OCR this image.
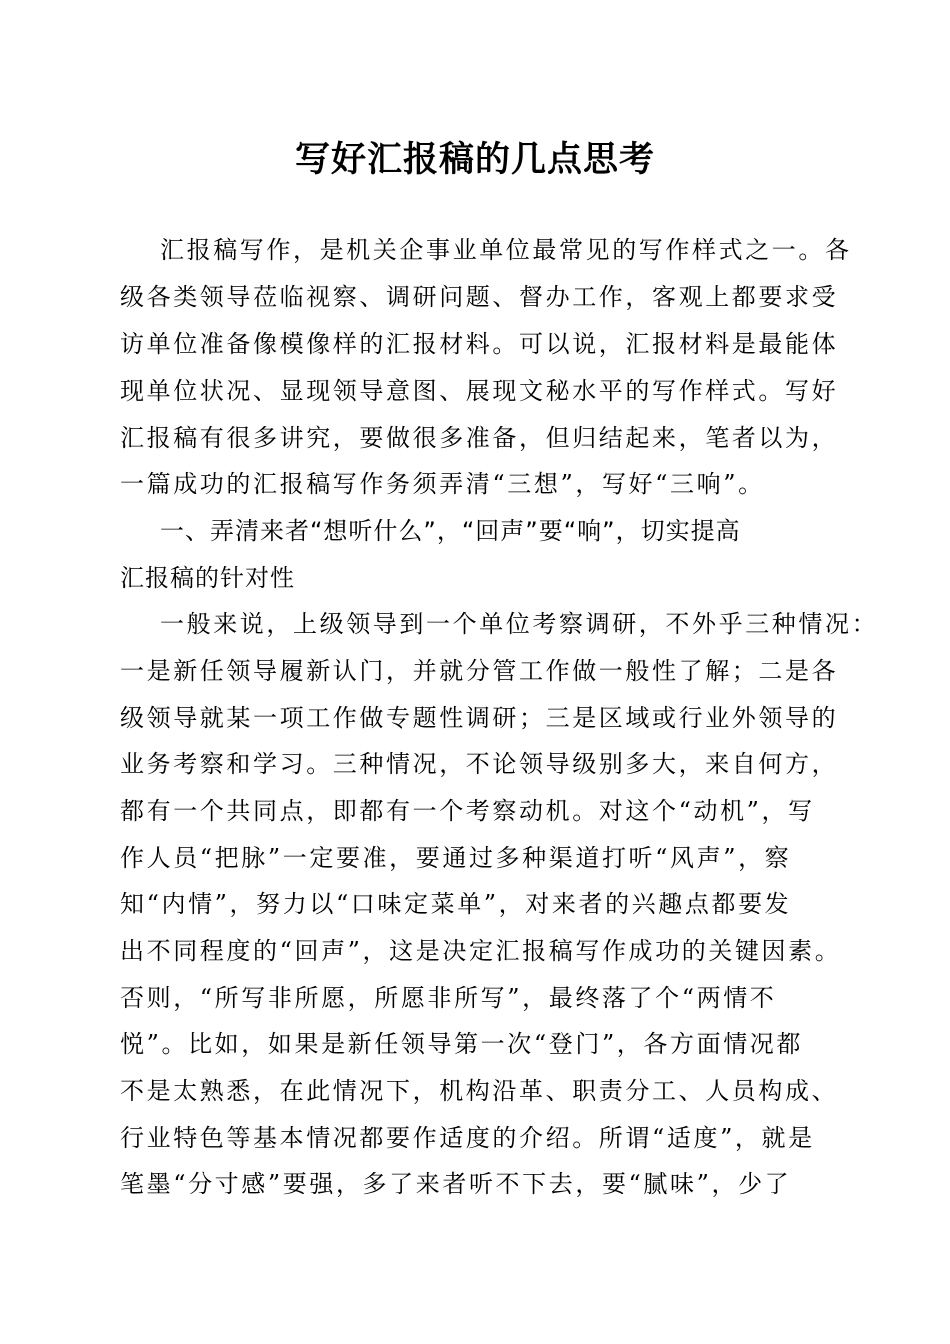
写好汇报稿的几点思考

汇报稿写作，是机关企事业单位最常见的写作样式之一。各

级各类领导莅临视察、调研问题、督办工作，客观上都要求受

访单位准备像模像样的汇报材料。可以说，汇报材料是最能体

现单位状况、显现领导意图、展现文秘水平的写作样式。写好

汇报稿有很多讲究，要做很多准备，但归结起来，笔者以为，

一篇成功的汇报稿写作务须弄清“三想”，写好“三响”。

一、弄清来者“想听什么”，“回声”要“响”，切实提高

汇报稿的针对性

一般来说，上级领导到一个单位考察调研，不外乎三种情况：

一是新任领导履新认门，并就分管工作做一般性了解；二是各

级领导就某一项工作做专题性调研；三是区域或行业外领导的

业务考察和学习。三种情况，不论领导级别多大，来自何方，

都有一个共同点，即都有一个考察动机。对这个“动机”，写

作人员“把脉”一定要准，要通过多种渠道打听“风声”，察

知“内情”，努力以“口味定菜单”，对来者的兴趣点都要发

出不同程度的“回声”，这是决定汇报稿写作成功的关键因素。

否则，“所写非所愿，所愿非所写”，最终落了个“两情不

悦”。比如，如果是新任领导第一次“登门”，各方面情况都

不是太熟悉，在此情况下，机构沿革、职责分工、人员构成、

行业特色等基本情况都要作适度的介绍。所谓“适度”，就是

笔墨“分寸感”要强，多了来者听不下去，要“腻味”，少了
